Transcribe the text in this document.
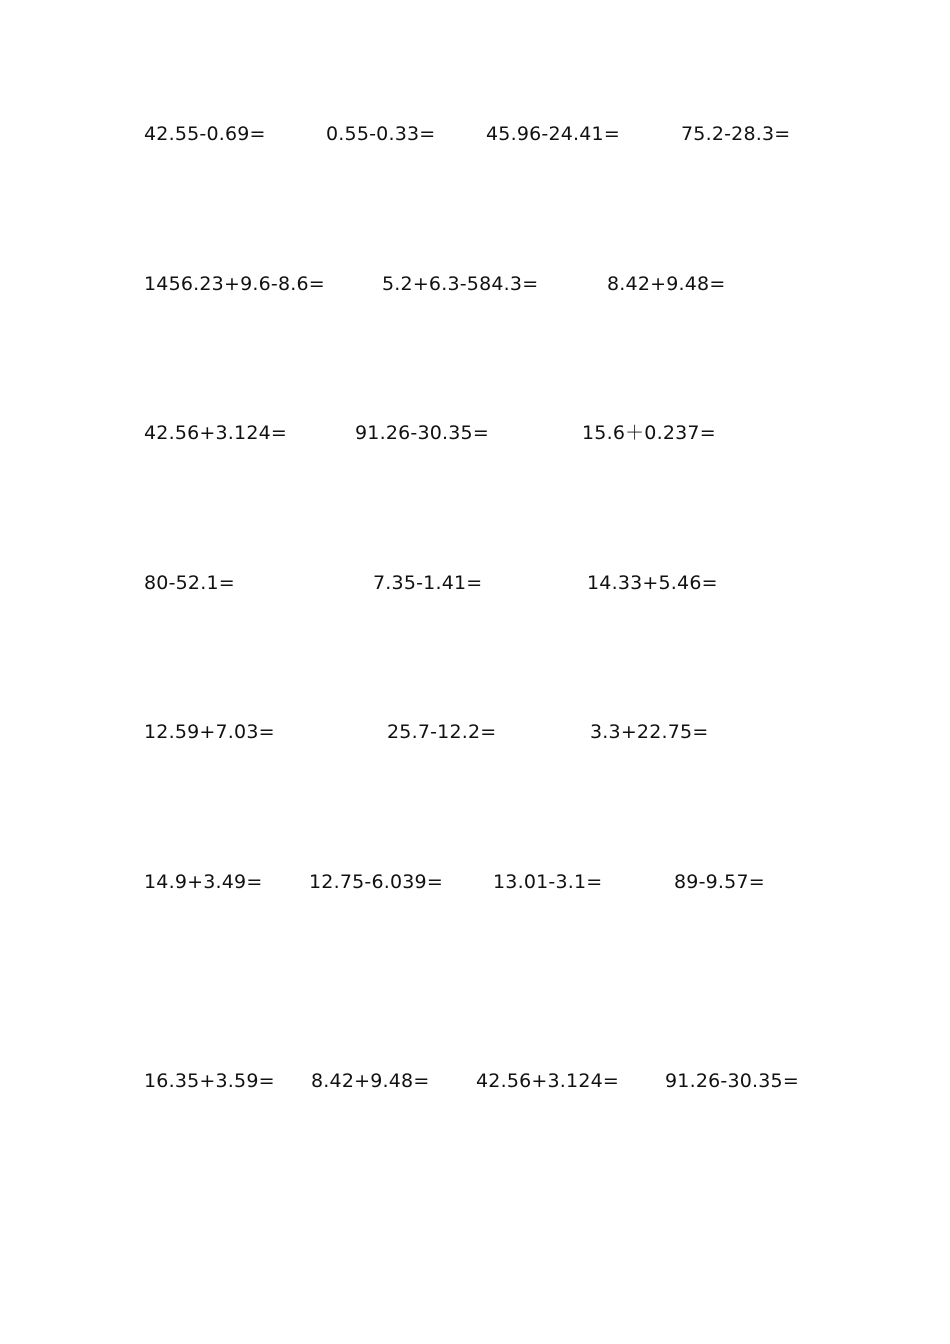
42.55-0.69=	0.55-0.33=	45.96-24.41=	75.2-28.3=
1456.23+9.6-8.6=	5.2+6.3-584.3=	8.42+9.48=
42.56+3.124=	91.26-30.35=	15.6＋0.237=
80-52.1=	7.35-1.41=	14.33+5.46=
12.59+7.03=	25.7-12.2=	3.3+22.75=
14.9+3.49= 12.75-6.039=	13.01-3.1=	89-9.57=
16.35+3.59= 8.42+9.48= 42.56+3.124= 91.26-30.35=
